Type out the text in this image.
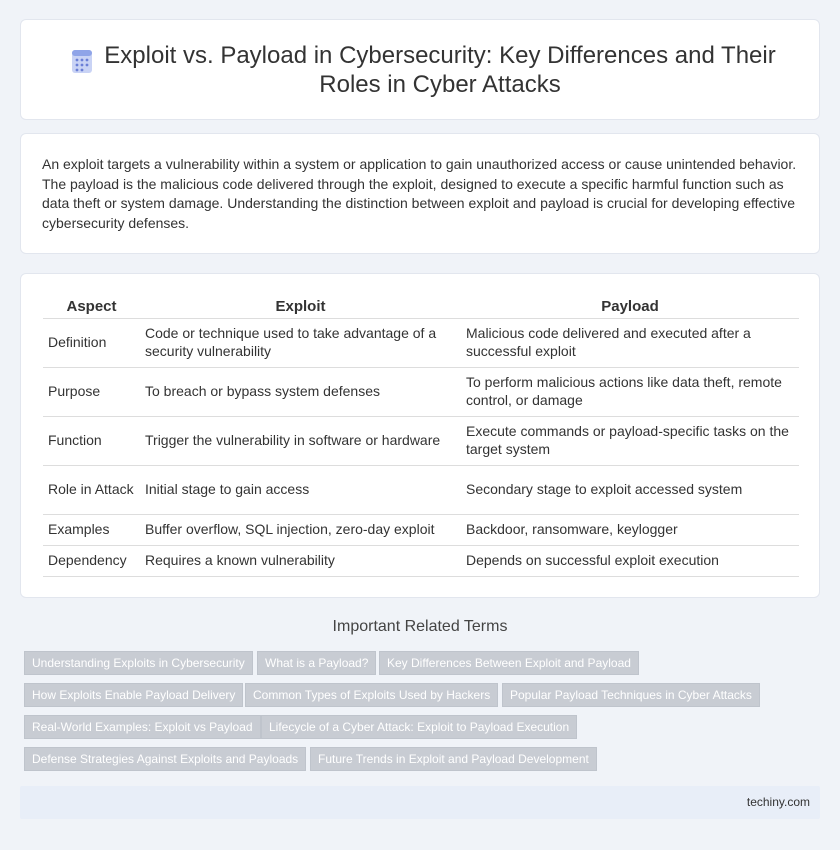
Exploit vs. Payload in Cybersecurity: Key Differences and Their Roles in Cyber Attacks

An exploit targets a vulnerability within a system or application to gain unauthorized access or cause unintended behavior. The payload is the malicious code delivered through the exploit, designed to execute a specific harmful function such as data theft or system damage. Understanding the distinction between exploit and payload is crucial for developing effective cybersecurity defenses.

Aspect	Exploit	Payload
Definition	Code or technique used to take advantage of a security vulnerability	Malicious code delivered and executed after a successful exploit
Purpose	To breach or bypass system defenses	To perform malicious actions like data theft, remote control, or damage
Function	Trigger the vulnerability in software or hardware	Execute commands or payload-specific tasks on the target system
Role in Attack	Initial stage to gain access	Secondary stage to exploit accessed system
Examples	Buffer overflow, SQL injection, zero-day exploit	Backdoor, ransomware, keylogger
Dependency	Requires a known vulnerability	Depends on successful exploit execution
Important Related Terms
Understanding Exploits in Cybersecurity	What is a Payload?	Key Differences Between Exploit and Payload
How Exploits Enable Payload Delivery	Common Types of Exploits Used by Hackers	Popular Payload Techniques in Cyber Attacks
Real-World Examples: Exploit vs Payload	Lifecycle of a Cyber Attack: Exploit to Payload Execution
Defense Strategies Against Exploits and Payloads	Future Trends in Exploit and Payload Development
techiny.com
